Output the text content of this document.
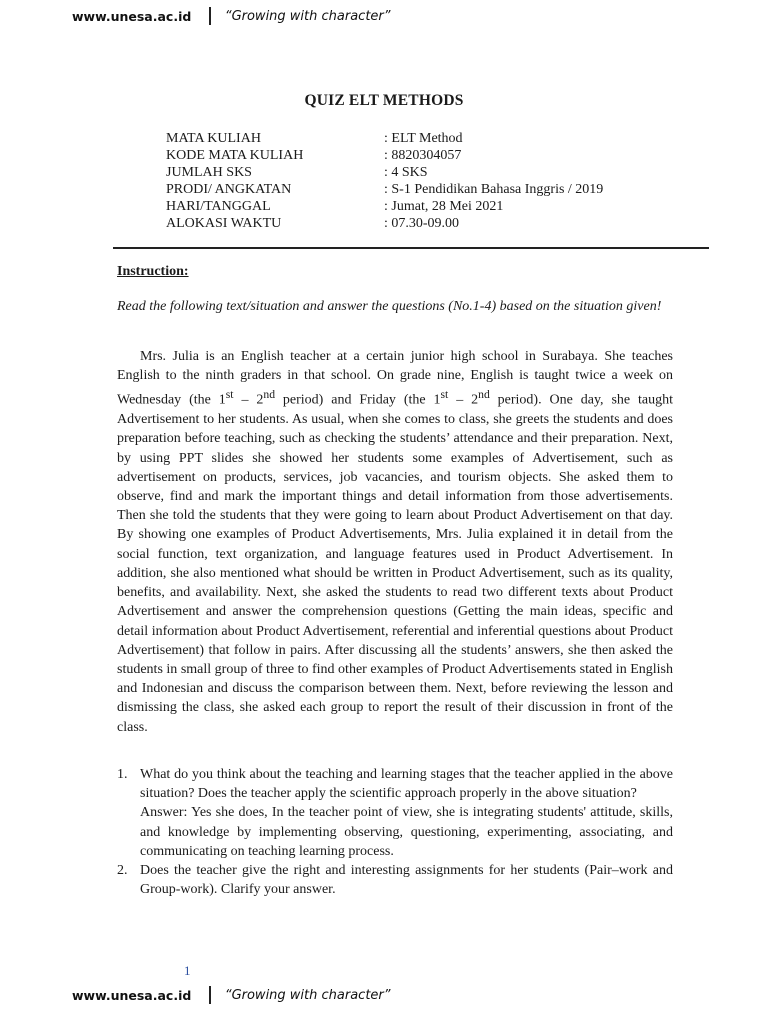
www.unesa.ac.id	“Growing with character”
QUIZ ELT METHODS
MATA KULIAH	: ELT Method
KODE MATA KULIAH	: 8820304057
JUMLAH SKS	: 4 SKS
PRODI/ ANGKATAN	: S-1 Pendidikan Bahasa Inggris / 2019
HARI/TANGGAL	: Jumat, 28 Mei 2021
ALOKASI WAKTU	: 07.30-09.00
Instruction:
Read the following text/situation and answer the questions (No.1-4) based on the situation given!
Mrs. Julia is an English teacher at a certain junior high school in Surabaya. She teaches English to the ninth graders in that school. On grade nine, English is taught twice a week on Wednesday (the 1st – 2nd period) and Friday (the 1st – 2nd period). One day, she taught Advertisement to her students. As usual, when she comes to class, she greets the students and does preparation before teaching, such as checking the students’ attendance and their preparation. Next, by using PPT slides she showed her students some examples of Advertisement, such as advertisement on products, services, job vacancies, and tourism objects. She asked them to observe, find and mark the important things and detail information from those advertisements. Then she told the students that they were going to learn about Product Advertisement on that day. By showing one examples of Product Advertisements, Mrs. Julia explained it in detail from the social function, text organization, and language features used in Product Advertisement. In addition, she also mentioned what should be written in Product Advertisement, such as its quality, benefits, and availability. Next, she asked the students to read two different texts about Product Advertisement and answer the comprehension questions (Getting the main ideas, specific and detail information about Product Advertisement, referential and inferential questions about Product Advertisement) that follow in pairs. After discussing all the students’ answers, she then asked the students in small group of three to find other examples of Product Advertisements stated in English and Indonesian and discuss the comparison between them. Next, before reviewing the lesson and dismissing the class, she asked each group to report the result of their discussion in front of the class.
1. What do you think about the teaching and learning stages that the teacher applied in the above situation? Does the teacher apply the scientific approach properly in the above situation?
Answer: Yes she does, In the teacher point of view, she is integrating students' attitude, skills, and knowledge by implementing observing, questioning, experimenting, associating, and communicating on teaching learning process.
2. Does the teacher give the right and interesting assignments for her students (Pair–work and Group-work). Clarify your answer.
1
www.unesa.ac.id	“Growing with character”
